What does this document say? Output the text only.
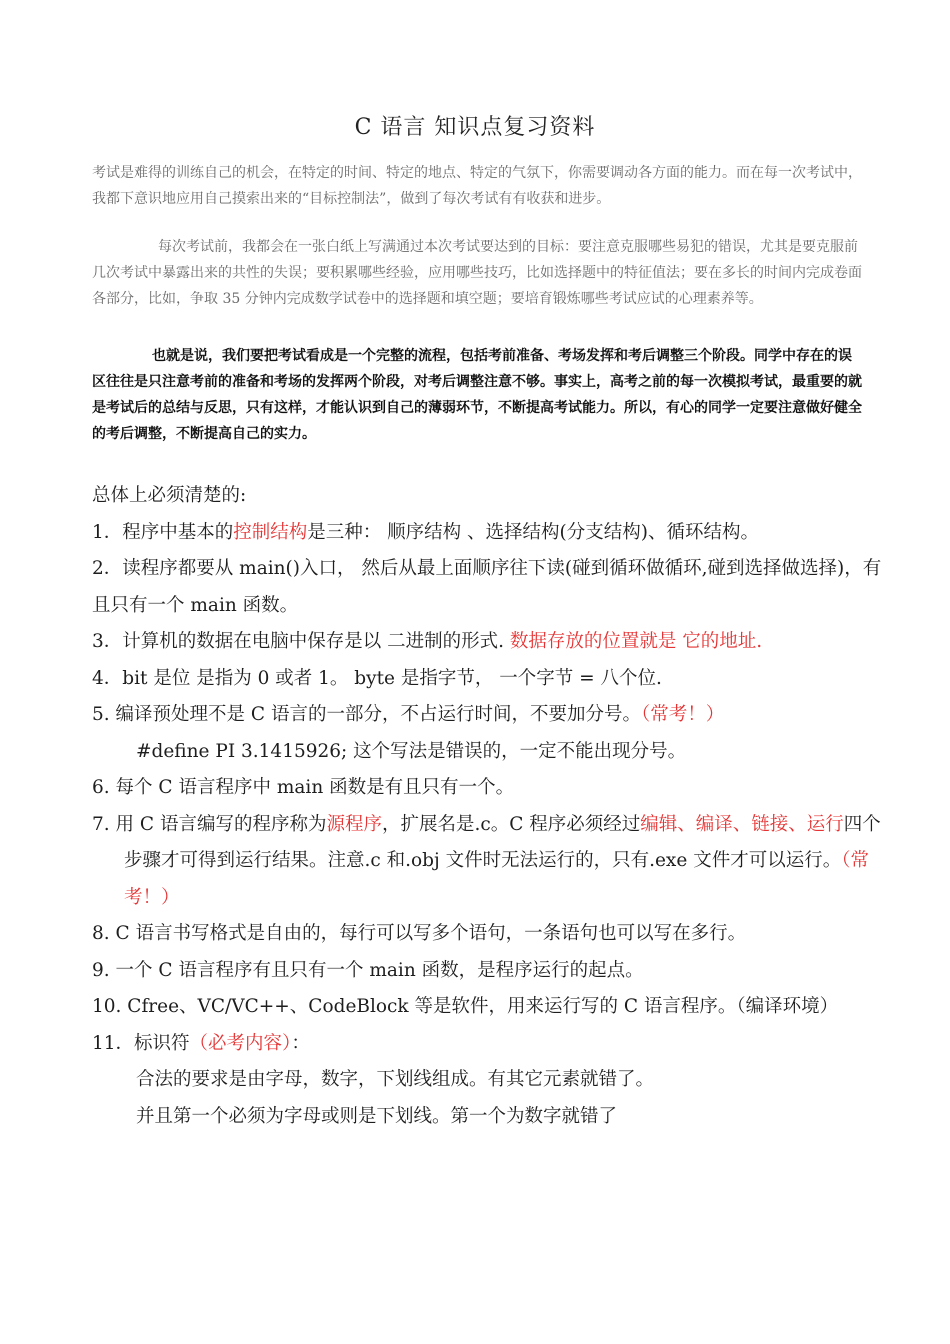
C 语言 知识点复习资料

考试是难得的训练自己的机会，在特定的时间、特定的地点、特定的气氛下，你需要调动各方面的能力。而在每一次考试中，我都下意识地应用自己摸索出来的“目标控制法”，做到了每次考试有有收获和进步。

每次考试前，我都会在一张白纸上写满通过本次考试要达到的目标：要注意克服哪些易犯的错误，尤其是要克服前几次考试中暴露出来的共性的失误；要积累哪些经验，应用哪些技巧，比如选择题中的特征值法；要在多长的时间内完成卷面各部分，比如，争取 35 分钟内完成数学试卷中的选择题和填空题；要培育锻炼哪些考试应试的心理素养等。

也就是说，我们要把考试看成是一个完整的流程，包括考前准备、考场发挥和考后调整三个阶段。同学中存在的误区往往是只注意考前的准备和考场的发挥两个阶段，对考后调整注意不够。事实上，高考之前的每一次模拟考试，最重要的就是考试后的总结与反思，只有这样，才能认识到自己的薄弱环节，不断提高考试能力。所以，有心的同学一定要注意做好健全的考后调整，不断提高自己的实力。

总体上必须清楚的:

1．程序中基本的控制结构是三种： 顺序结构 、选择结构(分支结构)、循环结构。

2．读程序都要从 main()入口， 然后从最上面顺序往下读(碰到循环做循环,碰到选择做选择)，有且只有一个 main 函数。

3．计算机的数据在电脑中保存是以 二进制的形式. 数据存放的位置就是 它的地址.

4．bit 是位 是指为 0 或者 1。 byte 是指字节， 一个字节 = 八个位.

5. 编译预处理不是 C 语言的一部分，不占运行时间，不要加分号。（常考！）

#define PI 3.1415926; 这个写法是错误的，一定不能出现分号。

6. 每个 C 语言程序中 main 函数是有且只有一个。

7. 用 C 语言编写的程序称为源程序，扩展名是.c。C 程序必须经过编辑、编译、链接、运行四个步骤才可得到运行结果。注意.c 和.obj 文件时无法运行的，只有.exe 文件才可以运行。（常考！）

8. C 语言书写格式是自由的，每行可以写多个语句，一条语句也可以写在多行。

9. 一个 C 语言程序有且只有一个 main 函数，是程序运行的起点。

10. Cfree、VC/VC++、CodeBlock 等是软件，用来运行写的 C 语言程序。（编译环境）

11．标识符（必考内容）：

合法的要求是由字母，数字，下划线组成。有其它元素就错了。

并且第一个必须为字母或则是下划线。第一个为数字就错了
